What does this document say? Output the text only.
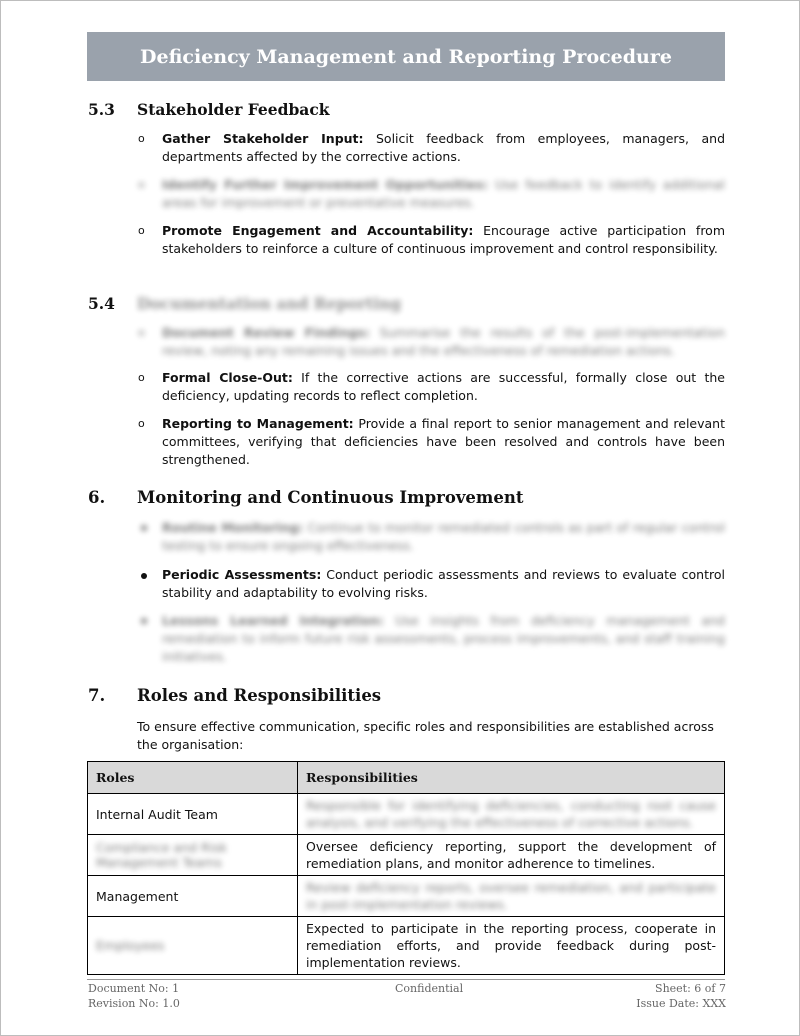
Deficiency Management and Reporting Procedure
5.3 Stakeholder Feedback
o Gather Stakeholder Input: Solicit feedback from employees, managers, and departments affected by the corrective actions.
o Identify Further Improvement Opportunities: Use feedback to identify additional areas for improvement or preventative measures.
o Promote Engagement and Accountability: Encourage active participation from stakeholders to reinforce a culture of continuous improvement and control responsibility.
5.4 Documentation and Reporting
o Document Review Findings: Summarise the results of the post-implementation review, noting any remaining issues and the effectiveness of remediation actions.
o Formal Close-Out: If the corrective actions are successful, formally close out the deficiency, updating records to reflect completion.
o Reporting to Management: Provide a final report to senior management and relevant committees, verifying that deficiencies have been resolved and controls have been strengthened.
6. Monitoring and Continuous Improvement
Routine Monitoring: Continue to monitor remediated controls as part of regular control testing to ensure ongoing effectiveness.
Periodic Assessments: Conduct periodic assessments and reviews to evaluate control stability and adaptability to evolving risks.
Lessons Learned Integration: Use insights from deficiency management and remediation to inform future risk assessments, process improvements, and staff training initiatives.
7. Roles and Responsibilities
To ensure effective communication, specific roles and responsibilities are established across the organisation:
Roles	Responsibilities
Internal Audit Team	Responsible for identifying deficiencies, conducting root cause analysis, and verifying the effectiveness of corrective actions.
Compliance and Risk Management Teams	Oversee deficiency reporting, support the development of remediation plans, and monitor adherence to timelines.
Management	Review deficiency reports, oversee remediation, and participate in post-implementation reviews.
Employees	Expected to participate in the reporting process, cooperate in remediation efforts, and provide feedback during post-implementation reviews.
Document No: 1
Revision No: 1.0
Confidential	Sheet: 6 of 7
Issue Date: XXX
